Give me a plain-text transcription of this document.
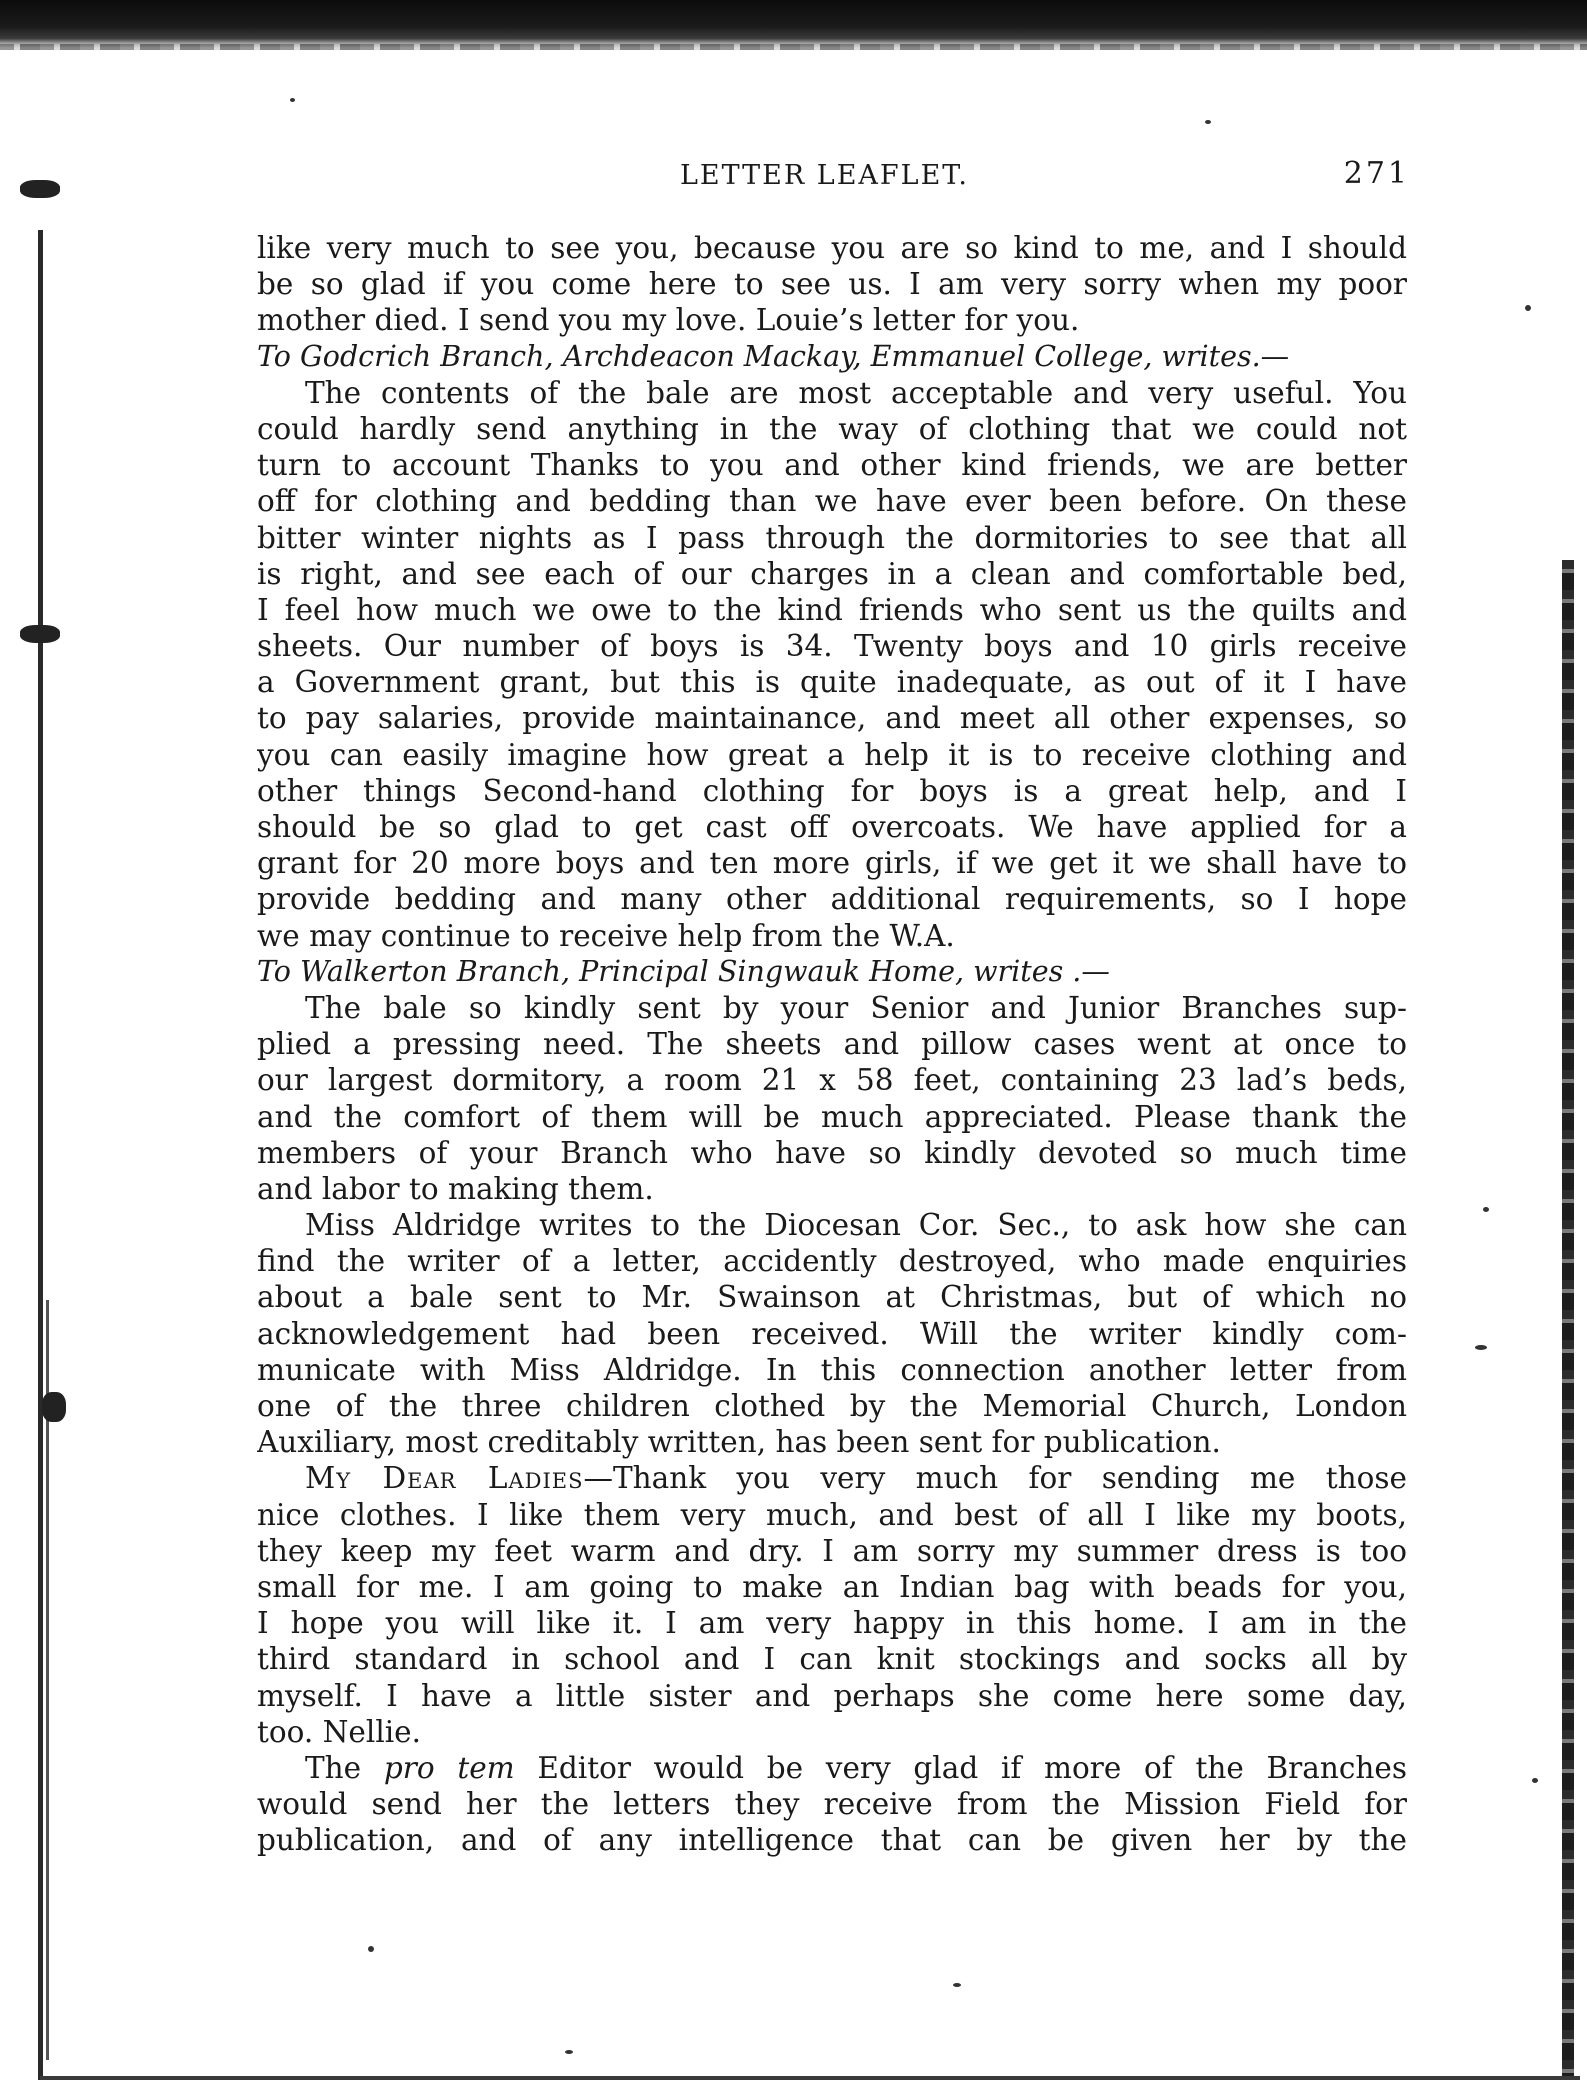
LETTER LEAFLET.	271
like very much to see you, because you are so kind to me, and I should
be so glad if you come here to see us. I am very sorry when my poor
mother died. I send you my love. Louie’s letter for you.
To Godcrich Branch, Archdeacon Mackay, Emmanuel College, writes.—
The contents of the bale are most acceptable and very useful. You
could hardly send anything in the way of clothing that we could not
turn to account Thanks to you and other kind friends, we are better
off for clothing and bedding than we have ever been before. On these
bitter winter nights as I pass through the dormitories to see that all
is right, and see each of our charges in a clean and comfortable bed,
I feel how much we owe to the kind friends who sent us the quilts and
sheets. Our number of boys is 34. Twenty boys and 10 girls receive
a Government grant, but this is quite inadequate, as out of it I have
to pay salaries, provide maintainance, and meet all other expenses, so
you can easily imagine how great a help it is to receive clothing and
other things Second-hand clothing for boys is a great help, and I
should be so glad to get cast off overcoats. We have applied for a
grant for 20 more boys and ten more girls, if we get it we shall have to
provide bedding and many other additional requirements, so I hope
we may continue to receive help from the W.A.
To Walkerton Branch, Principal Singwauk Home, writes .—
The bale so kindly sent by your Senior and Junior Branches sup-
plied a pressing need. The sheets and pillow cases went at once to
our largest dormitory, a room 21 x 58 feet, containing 23 lad’s beds,
and the comfort of them will be much appreciated. Please thank the
members of your Branch who have so kindly devoted so much time
and labor to making them.
Miss Aldridge writes to the Diocesan Cor. Sec., to ask how she can
find the writer of a letter, accidently destroyed, who made enquiries
about a bale sent to Mr. Swainson at Christmas, but of which no
acknowledgement had been received. Will the writer kindly com-
municate with Miss Aldridge. In this connection another letter from
one of the three children clothed by the Memorial Church, London
Auxiliary, most creditably written, has been sent for publication.
My Dear Ladies—Thank you very much for sending me those
nice clothes. I like them very much, and best of all I like my boots,
they keep my feet warm and dry. I am sorry my summer dress is too
small for me. I am going to make an Indian bag with beads for you,
I hope you will like it. I am very happy in this home. I am in the
third standard in school and I can knit stockings and socks all by
myself. I have a little sister and perhaps she come here some day,
too. Nellie.
The pro tem Editor would be very glad if more of the Branches
would send her the letters they receive from the Mission Field for
publication, and of any intelligence that can be given her by the
